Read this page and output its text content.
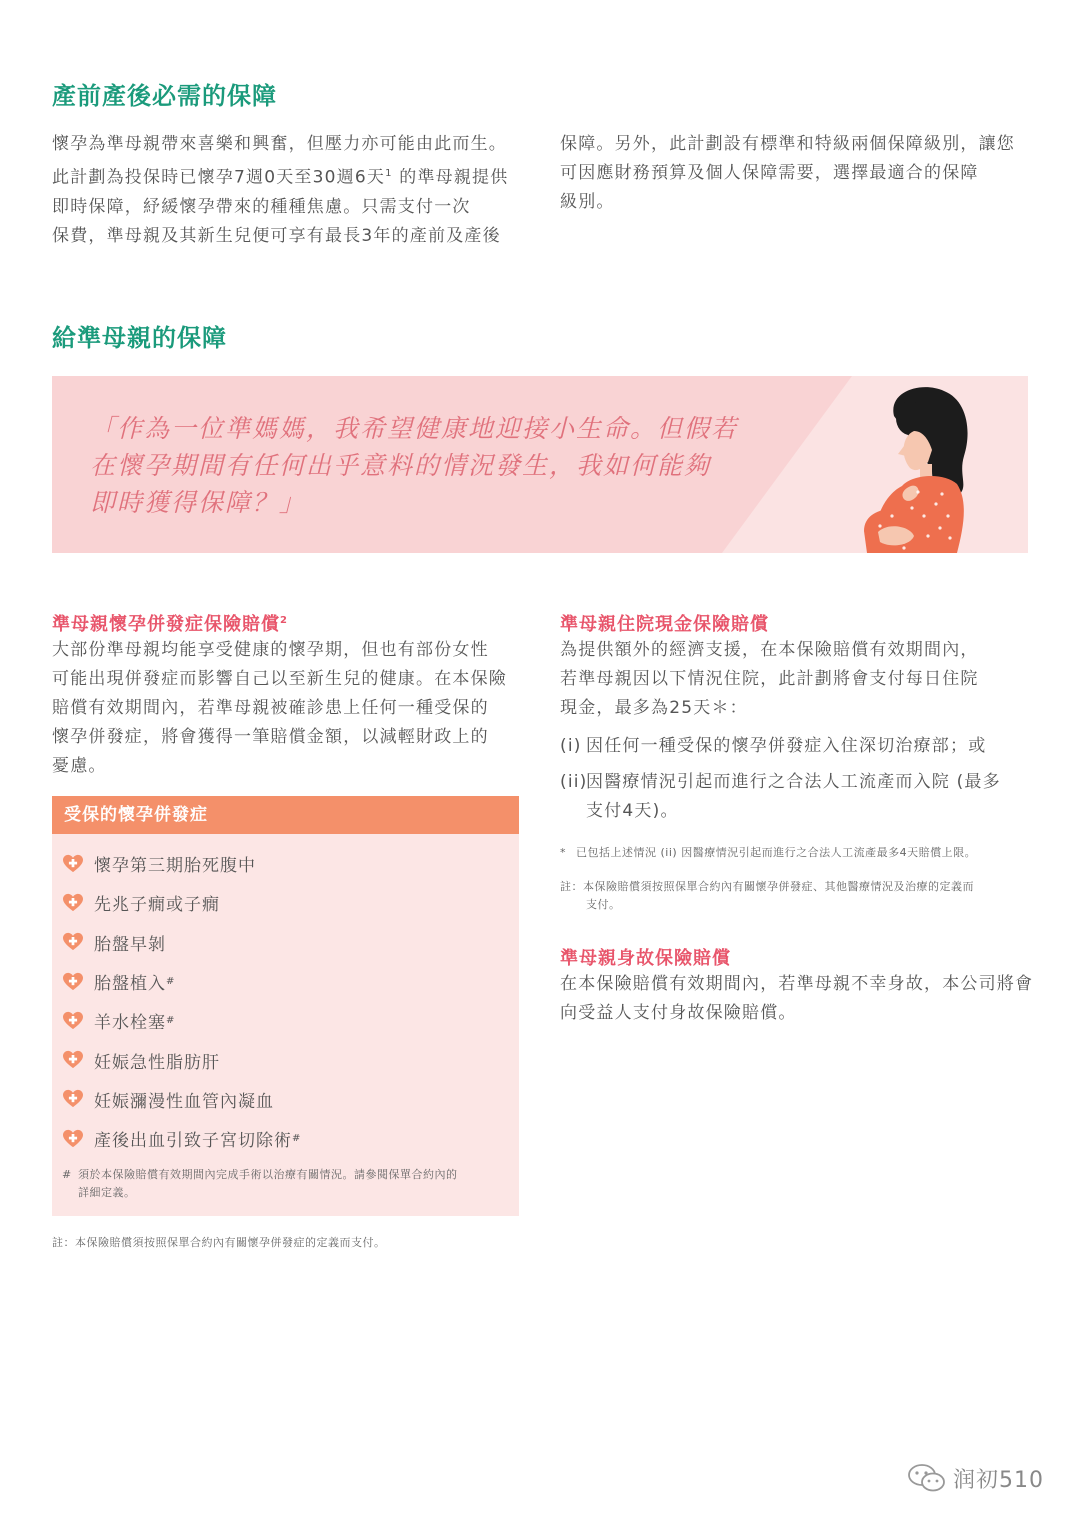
產前產後必需的保障

懷孕為準母親帶來喜樂和興奮，但壓力亦可能由此而生。
此計劃為投保時已懷孕7週0天至30週6天$^1$ 的準母親提供
即時保障，紓緩懷孕帶來的種種焦慮。只需支付一次
保費，準母親及其新生兒便可享有最長3年的產前及產後

保障。另外，此計劃設有標準和特級兩個保障級別，讓您
可因應財務預算及個人保障需要，選擇最適合的保障
級別。

給準母親的保障
「作為一位準媽媽，我希望健康地迎接小生命。但假若
在懷孕期間有任何出乎意料的情況發生，我如何能夠
即時獲得保障？」
準母親懷孕併發症保險賠償$^2$

大部份準母親均能享受健康的懷孕期，但也有部份女性
可能出現併發症而影響自己以至新生兒的健康。在本保險
賠償有效期間內，若準母親被確診患上任何一種受保的
懷孕併發症，將會獲得一筆賠償金額，以減輕財政上的
憂慮。

受保的懷孕併發症
懷孕第三期胎死腹中
先兆子癇或子癇
胎盤早剝
胎盤植入 #
羊水栓塞 #
妊娠急性脂肪肝
妊娠瀰漫性血管內凝血
產後出血引致子宮切除術 #
# 須於本保險賠償有效期間內完成手術以治療有關情況。請參閱保單合約內的
詳細定義。
註：本保險賠償須按照保單合約內有關懷孕併發症的定義而支付。
準母親住院現金保險賠償

為提供額外的經濟支援，在本保險賠償有效期間內，
若準母親因以下情況住院，此計劃將會支付每日住院
現金，最多為25天＊：

(i) 因任何一種受保的懷孕併發症入住深切治療部；或
(ii)因醫療情況引起而進行之合法人工流產而入院 (最多
支付4天)。
* 已包括上述情況 (ii) 因醫療情況引起而進行之合法人工流產最多4天賠償上限。
註：本保險賠償須按照保單合約內有關懷孕併發症、其他醫療情況及治療的定義而
支付。
準母親身故保險賠償

在本保險賠償有效期間內，若準母親不幸身故，本公司將會
向受益人支付身故保險賠償。

润初510
